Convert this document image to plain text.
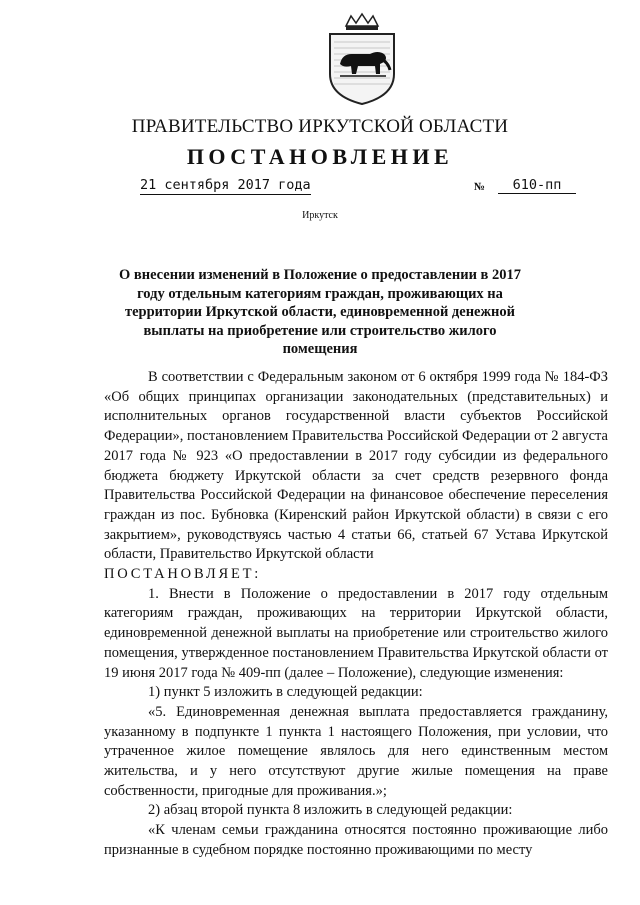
ПРАВИТЕЛЬСТВО ИРКУТСКОЙ ОБЛАСТИ
ПОСТАНОВЛЕНИЕ
21 сентября 2017 года	№	610-пп
Иркутск
О внесении изменений в Положение о предоставлении в 2017 году отдельным категориям граждан, проживающих на территории Иркутской области, единовременной денежной выплаты на приобретение или строительство жилого помещения

В соответствии с Федеральным законом от 6 октября 1999 года № 184-ФЗ «Об общих принципах организации законодательных (представительных) и исполнительных органов государственной власти субъектов Российской Федерации», постановлением Правительства Российской Федерации от 2 августа 2017 года № 923 «О предоставлении в 2017 году субсидии из федерального бюджета бюджету Иркутской области за счет средств резервного фонда Правительства Российской Федерации на финансовое обеспечение переселения граждан из пос. Бубновка (Киренский район Иркутской области) в связи с его закрытием», руководствуясь частью 4 статьи 66, статьей 67 Устава Иркутской области, Правительство Иркутской области

ПОСТАНОВЛЯЕТ:

1. Внести в Положение о предоставлении в 2017 году отдельным категориям граждан, проживающих на территории Иркутской области, единовременной денежной выплаты на приобретение или строительство жилого помещения, утвержденное постановлением Правительства Иркутской области от 19 июня 2017 года № 409-пп (далее – Положение), следующие изменения:

1) пункт 5 изложить в следующей редакции:

«5. Единовременная денежная выплата предоставляется гражданину, указанному в подпункте 1 пункта 1 настоящего Положения, при условии, что утраченное жилое помещение являлось для него единственным местом жительства, и у него отсутствуют другие жилые помещения на праве собственности, пригодные для проживания.»;

2) абзац второй пункта 8 изложить в следующей редакции:

«К членам семьи гражданина относятся постоянно проживающие либо признанные в судебном порядке постоянно проживающими по месту
